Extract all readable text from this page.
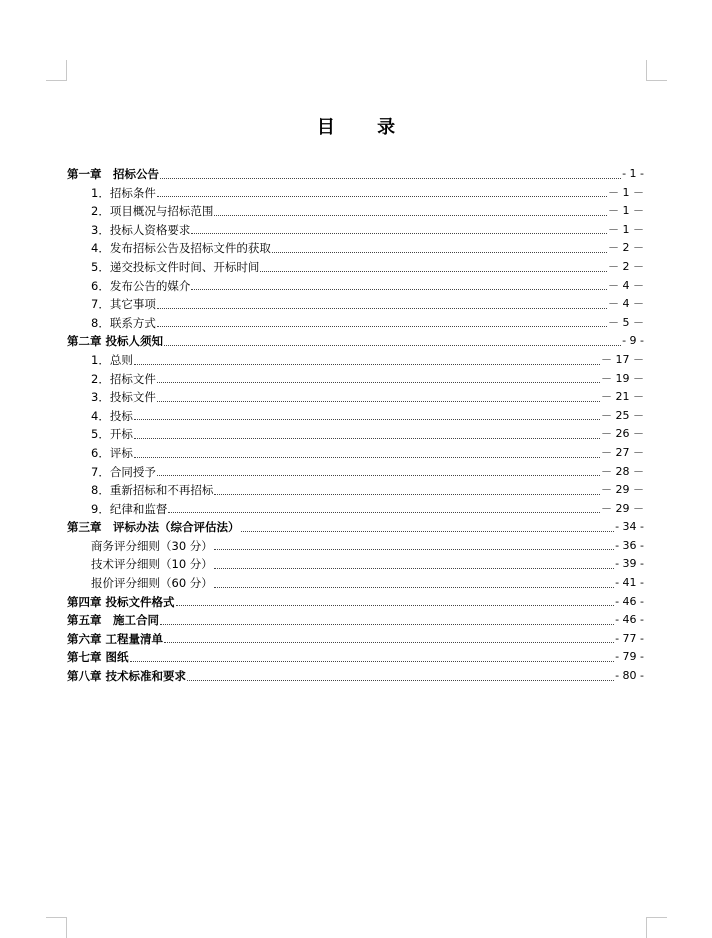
目 录
第一章　招标公告	- 1 -
1．招标条件	－ 1 －
2．项目概况与招标范围	－ 1 －
3．投标人资格要求	－ 1 －
4．发布招标公告及招标文件的获取	－ 2 －
5．递交投标文件时间、开标时间	－ 2 －
6．发布公告的媒介	－ 4 －
7．其它事项	－ 4 －
8．联系方式	－ 5 －
第二章 投标人须知	- 9 -
1．总则	－ 17 －
2．招标文件	－ 19 －
3．投标文件	－ 21 －
4．投标	－ 25 －
5．开标	－ 26 －
6．评标	－ 27 －
7．合同授予	－ 28 －
8．重新招标和不再招标	－ 29 －
9．纪律和监督	－ 29 －
第三章　评标办法（综合评估法）	- 34 -
商务评分细则（30 分）	- 36 -
技术评分细则（10 分）	- 39 -
报价评分细则（60 分）	- 41 -
第四章 投标文件格式	- 46 -
第五章　施工合同	- 46 -
第六章 工程量清单	- 77 -
第七章 图纸	- 79 -
第八章 技术标准和要求	- 80 -
